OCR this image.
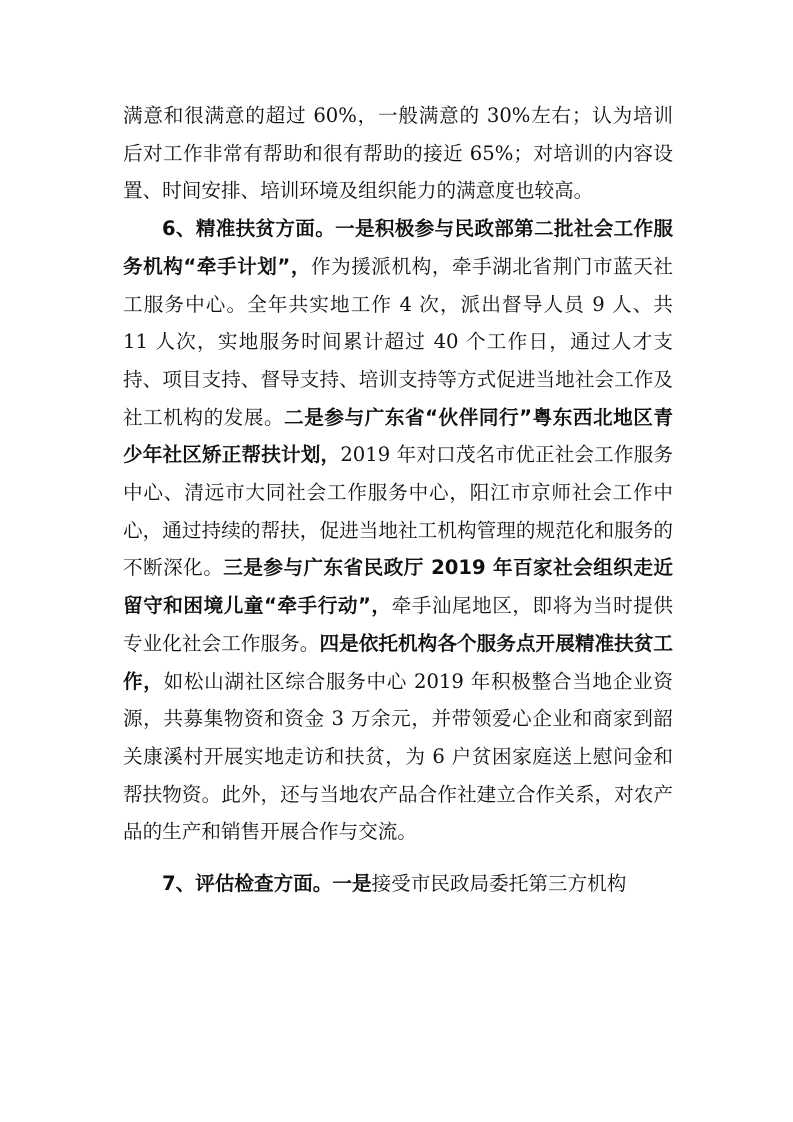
满意和很满意的超过 60%，一般满意的 30%左右；认为培训后对工作非常有帮助和很有帮助的接近 65%；对培训的内容设置、时间安排、培训环境及组织能力的满意度也较高。

6、精准扶贫方面。一是积极参与民政部第二批社会工作服务机构“牵手计划”，作为援派机构，牵手湖北省荆门市蓝天社工服务中心。全年共实地工作 4 次，派出督导人员 9 人、共 11 人次，实地服务时间累计超过 40 个工作日，通过人才支持、项目支持、督导支持、培训支持等方式促进当地社会工作及社工机构的发展。二是参与广东省“伙伴同行”粤东西北地区青少年社区矫正帮扶计划，2019 年对口茂名市优正社会工作服务中心、清远市大同社会工作服务中心，阳江市京师社会工作中心，通过持续的帮扶，促进当地社工机构管理的规范化和服务的不断深化。三是参与广东省民政厅 2019 年百家社会组织走近留守和困境儿童“牵手行动”，牵手汕尾地区，即将为当时提供专业化社会工作服务。四是依托机构各个服务点开展精准扶贫工作，如松山湖社区综合服务中心 2019 年积极整合当地企业资源，共募集物资和资金 3 万余元，并带领爱心企业和商家到韶关康溪村开展实地走访和扶贫，为 6 户贫困家庭送上慰问金和帮扶物资。此外，还与当地农产品合作社建立合作关系，对农产品的生产和销售开展合作与交流。

7、评估检查方面。一是接受市民政局委托第三方机构
